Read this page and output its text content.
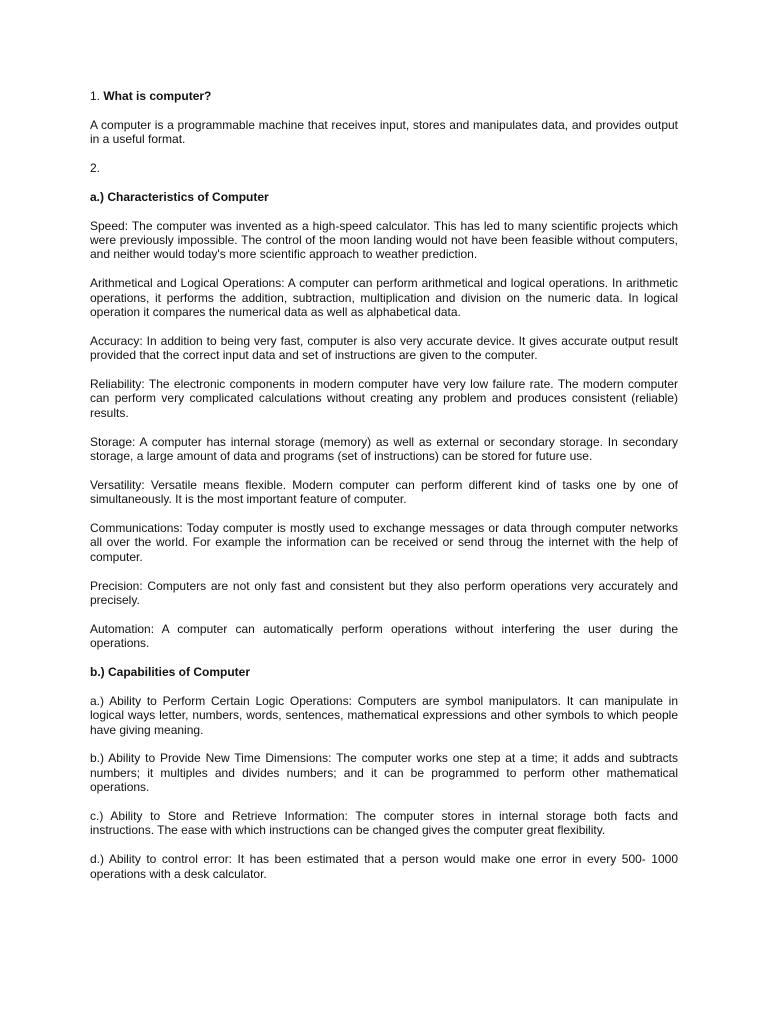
1. What is computer?

A computer is a programmable machine that receives input, stores and manipulates data, and provides output in a useful format.

2.

a.) Characteristics of Computer

Speed: The computer was invented as a high-speed calculator. This has led to many scientific projects which were previously impossible. The control of the moon landing would not have been feasible without computers, and neither would today's more scientific approach to weather prediction.

Arithmetical and Logical Operations: A computer can perform arithmetical and logical operations. In arithmetic operations, it performs the addition, subtraction, multiplication and division on the numeric data. In logical operation it compares the numerical data as well as alphabetical data.

Accuracy: In addition to being very fast, computer is also very accurate device. It gives accurate output result provided that the correct input data and set of instructions are given to the computer.

Reliability: The electronic components in modern computer have very low failure rate. The modern computer can perform very complicated calculations without creating any problem and produces consistent (reliable) results.

Storage: A computer has internal storage (memory) as well as external or secondary storage. In secondary storage, a large amount of data and programs (set of instructions) can be stored for future use.

Versatility: Versatile means flexible. Modern computer can perform different kind of tasks one by one of simultaneously. It is the most important feature of computer.

Communications: Today computer is mostly used to exchange messages or data through computer networks all over the world. For example the information can be received or send throug the internet with the help of computer.

Precision: Computers are not only fast and consistent but they also perform operations very accurately and precisely.

Automation: A computer can automatically perform operations without interfering the user during the operations.

b.) Capabilities of Computer

a.) Ability to Perform Certain Logic Operations: Computers are symbol manipulators. It can manipulate in logical ways letter, numbers, words, sentences, mathematical expressions and other symbols to which people have giving meaning.

b.) Ability to Provide New Time Dimensions: The computer works one step at a time; it adds and subtracts numbers; it multiples and divides numbers; and it can be programmed to perform other mathematical operations.

c.) Ability to Store and Retrieve Information: The computer stores in internal storage both facts and instructions. The ease with which instructions can be changed gives the computer great flexibility.

d.) Ability to control error: It has been estimated that a person would make one error in every 500- 1000 operations with a desk calculator.
